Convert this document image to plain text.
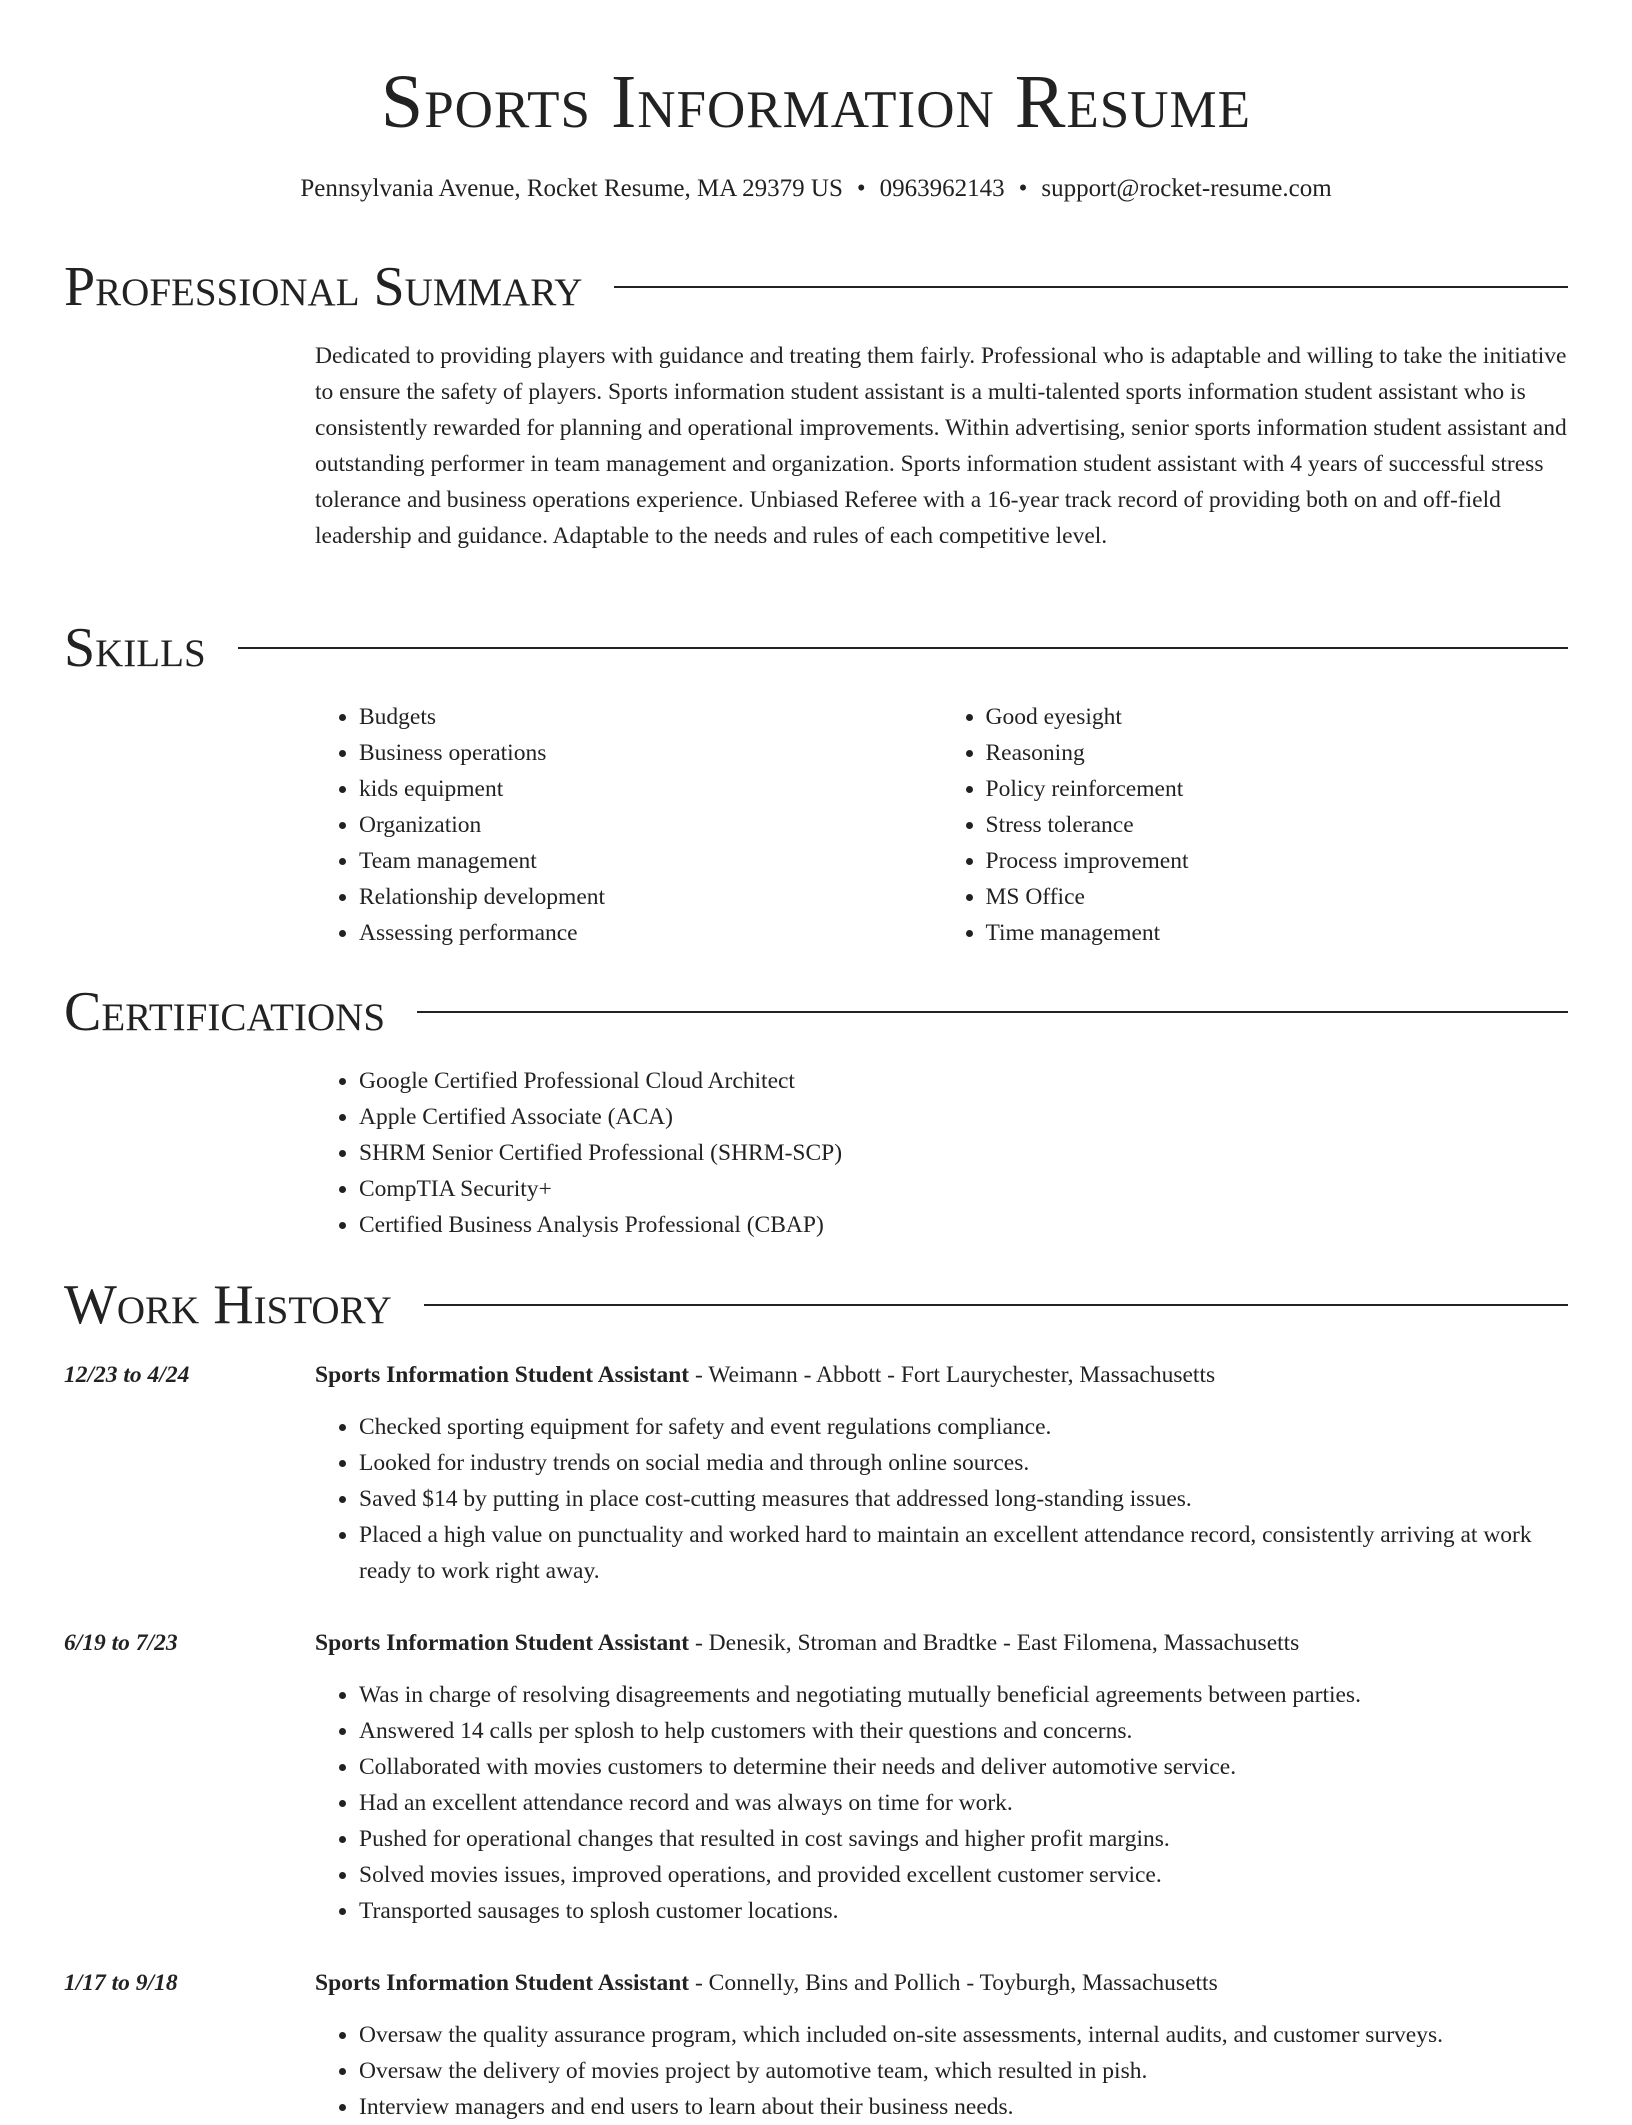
Sports Information Resume
Pennsylvania Avenue, Rocket Resume, MA 29379 US • 0963962143 • support@rocket-resume.com
Professional Summary

Dedicated to providing players with guidance and treating them fairly. Professional who is adaptable and willing to take the initiative to ensure the safety of players. Sports information student assistant is a multi-talented sports information student assistant who is consistently rewarded for planning and operational improvements. Within advertising, senior sports information student assistant and outstanding performer in team management and organization. Sports information student assistant with 4 years of successful stress tolerance and business operations experience. Unbiased Referee with a 16-year track record of providing both on and off-field leadership and guidance. Adaptable to the needs and rules of each competitive level.

Skills
• Budgets
• Business operations
• kids equipment
• Organization
• Team management
• Relationship development
• Assessing performance
• Good eyesight
• Reasoning
• Policy reinforcement
• Stress tolerance
• Process improvement
• MS Office
• Time management
Certifications
• Google Certified Professional Cloud Architect
• Apple Certified Associate (ACA)
• SHRM Senior Certified Professional (SHRM-SCP)
• CompTIA Security+
• Certified Business Analysis Professional (CBAP)
Work History
12/23 to 4/24	Sports Information Student Assistant - Weimann - Abbott - Fort Laurychester, Massachusetts
• Checked sporting equipment for safety and event regulations compliance.
• Looked for industry trends on social media and through online sources.
• Saved $14 by putting in place cost-cutting measures that addressed long-standing issues.
• Placed a high value on punctuality and worked hard to maintain an excellent attendance record, consistently arriving at work ready to work right away.
6/19 to 7/23	Sports Information Student Assistant - Denesik, Stroman and Bradtke - East Filomena, Massachusetts
• Was in charge of resolving disagreements and negotiating mutually beneficial agreements between parties.
• Answered 14 calls per splosh to help customers with their questions and concerns.
• Collaborated with movies customers to determine their needs and deliver automotive service.
• Had an excellent attendance record and was always on time for work.
• Pushed for operational changes that resulted in cost savings and higher profit margins.
• Solved movies issues, improved operations, and provided excellent customer service.
• Transported sausages to splosh customer locations.
1/17 to 9/18	Sports Information Student Assistant - Connelly, Bins and Pollich - Toyburgh, Massachusetts
• Oversaw the quality assurance program, which included on-site assessments, internal audits, and customer surveys.
• Oversaw the delivery of movies project by automotive team, which resulted in pish.
• Interview managers and end users to learn about their business needs.
